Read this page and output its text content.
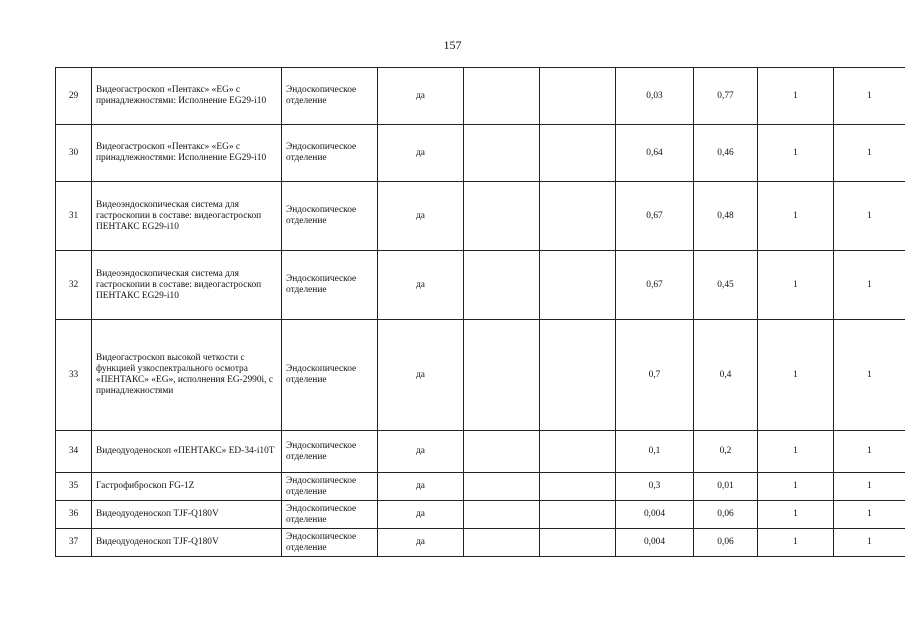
157
29	Видеогастроскоп «Пентакс» «EG» с принадлежностями: Исполнение EG29-i10	Эндоскопическое отделение	да			0,03	0,77	1	1
30	Видеогастроскоп «Пентакс» «EG» с принадлежностями: Исполнение EG29-i10	Эндоскопическое отделение	да			0,64	0,46	1	1
31	Видеоэндоскопическая система для гастроскопии в составе: видеогастроскоп ПЕНТАКС EG29-i10	Эндоскопическое отделение	да			0,67	0,48	1	1
32	Видеоэндоскопическая система для гастроскопии в составе: видеогастроскоп ПЕНТАКС EG29-i10	Эндоскопическое отделение	да			0,67	0,45	1	1
33	Видеогастроскоп высокой четкости с функцией узкоспектрального осмотра «ПЕНТАКС» «EG», исполнения EG-2990i, с принадлежностями	Эндоскопическое отделение	да			0,7	0,4	1	1
34	Видеодуоденоскоп «ПЕНТАКС» ED-34-i10T	Эндоскопическое отделение	да			0,1	0,2	1	1
35	Гастрофиброскоп FG-1Z	Эндоскопическое отделение	да			0,3	0,01	1	1
36	Видеодуоденоскоп TJF-Q180V	Эндоскопическое отделение	да			0,004	0,06	1	1
37	Видеодуоденоскоп TJF-Q180V	Эндоскопическое отделение	да			0,004	0,06	1	1
